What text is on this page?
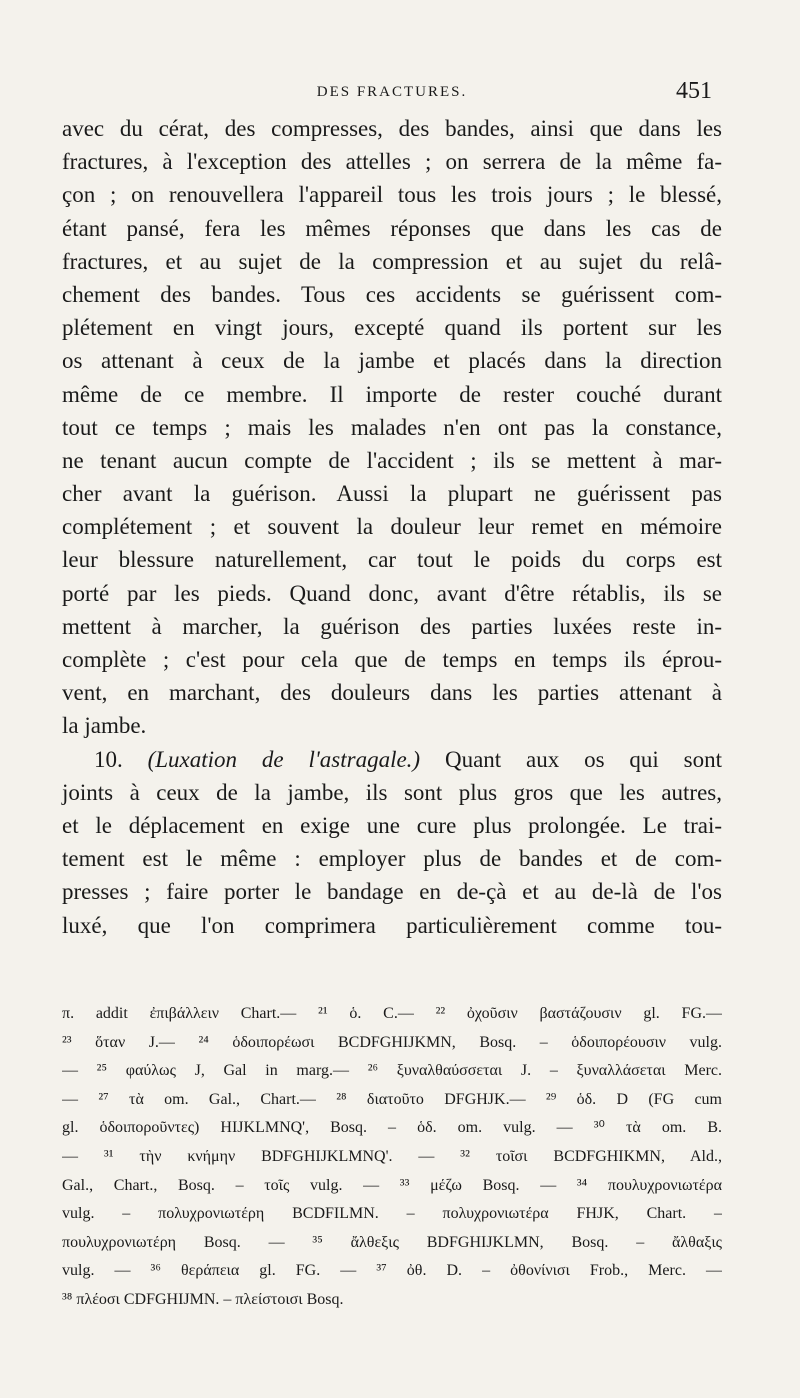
DES FRACTURES.	451
avec du cérat, des compresses, des bandes, ainsi que dans les
fractures, à l'exception des attelles ; on serrera de la même fa-
çon ; on renouvellera l'appareil tous les trois jours ; le blessé,
étant pansé, fera les mêmes réponses que dans les cas de
fractures, et au sujet de la compression et au sujet du relâ-
chement des bandes. Tous ces accidents se guérissent com-
plétement en vingt jours, excepté quand ils portent sur les
os attenant à ceux de la jambe et placés dans la direction
même de ce membre. Il importe de rester couché durant
tout ce temps ; mais les malades n'en ont pas la constance,
ne tenant aucun compte de l'accident ; ils se mettent à mar-
cher avant la guérison. Aussi la plupart ne guérissent pas
complétement ; et souvent la douleur leur remet en mémoire
leur blessure naturellement, car tout le poids du corps est
porté par les pieds. Quand donc, avant d'être rétablis, ils se
mettent à marcher, la guérison des parties luxées reste in-
complète ; c'est pour cela que de temps en temps ils éprou-
vent, en marchant, des douleurs dans les parties attenant à
la jambe.
10. (Luxation de l'astragale.) Quant aux os qui sont
joints à ceux de la jambe, ils sont plus gros que les autres,
et le déplacement en exige une cure plus prolongée. Le trai-
tement est le même : employer plus de bandes et de com-
presses ; faire porter le bandage en de-çà et au de-là de l'os
luxé, que l'on comprimera particulièrement comme tou-
π. addit ἐπιβάλλειν Chart.— ²¹ ὁ. C.— ²² ὀχοῦσιν βαστάζουσιν gl. FG.—
²³ ὅταν J.— ²⁴ ὁδοιπορέωσι BCDFGHIJKMN, Bosq. – ὁδοιπορέουσιν vulg.
— ²⁵ φαύλως J, Gal in marg.— ²⁶ ξυναλθαύσσεται J. – ξυναλλάσεται Merc.
— ²⁷ τὰ om. Gal., Chart.— ²⁸ διατοῦτο DFGHJK.— ²⁹ ὁδ. D (FG cum
gl. ὁδοιποροῦντες) HIJKLMNQ', Bosq. – ὁδ. om. vulg. — ³⁰ τὰ om. B.
— ³¹ τὴν κνήμην BDFGHIJKLMNQ'. — ³² τοῖσι BCDFGHIKMN, Ald.,
Gal., Chart., Bosq. – τοῖς vulg. — ³³ μέζω Bosq. — ³⁴ πουλυχρονιωτέρα
vulg. – πολυχρονιωτέρη BCDFILMN. – πολυχρονιωτέρα FHJK, Chart. –
πουλυχρονιωτέρη Bosq. — ³⁵ ἄλθεξις BDFGHIJKLMN, Bosq. – ἄλθαξις
vulg. — ³⁶ θεράπεια gl. FG. — ³⁷ ὀθ. D. – ὀθονίνισι Frob., Merc. —
³⁸ πλέοσι CDFGHIJMN. – πλείστοισι Bosq.
